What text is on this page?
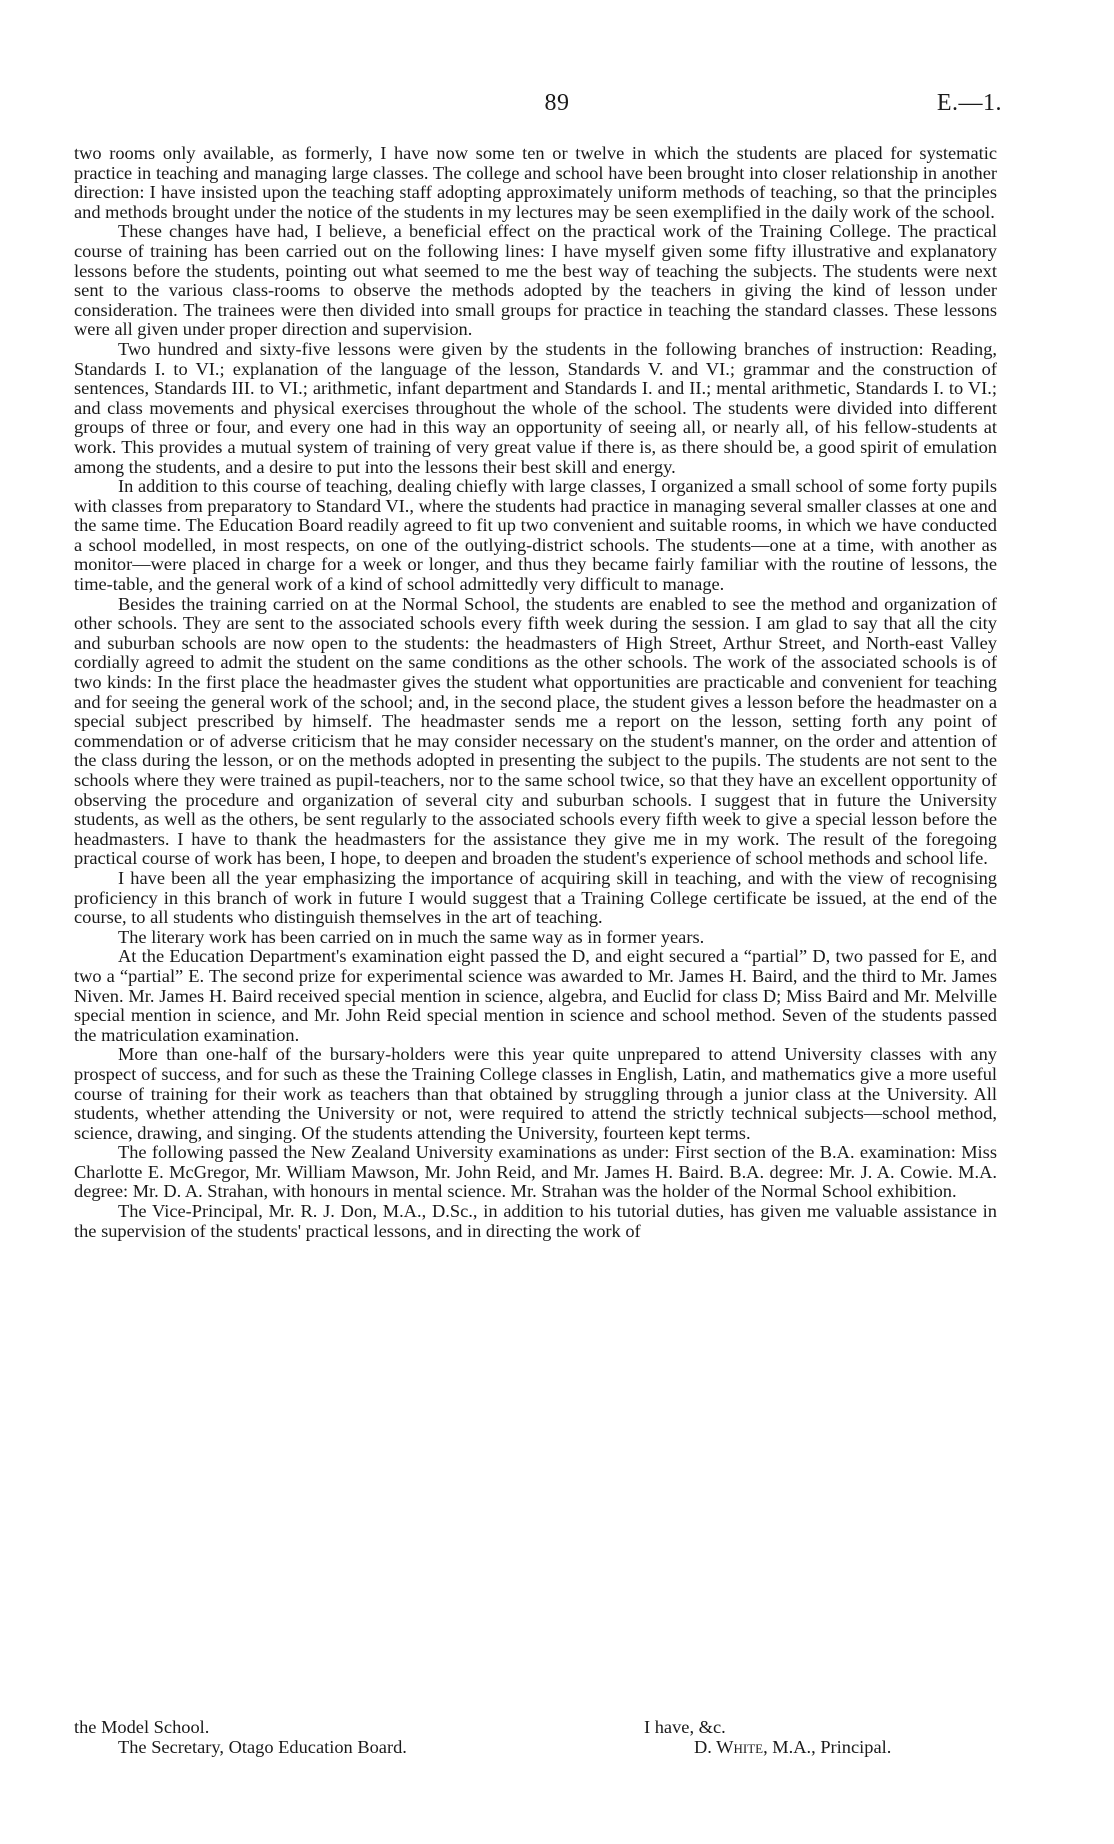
89	E.—1.

two rooms only available, as formerly, I have now some ten or twelve in which the students are placed for systematic practice in teaching and managing large classes. The college and school have been brought into closer relationship in another direction: I have insisted upon the teaching staff adopting approximately uniform methods of teaching, so that the principles and methods brought under the notice of the students in my lectures may be seen exemplified in the daily work of the school.

These changes have had, I believe, a beneficial effect on the practical work of the Training College. The practical course of training has been carried out on the following lines: I have myself given some fifty illustrative and explanatory lessons before the students, pointing out what seemed to me the best way of teaching the subjects. The students were next sent to the various class-rooms to observe the methods adopted by the teachers in giving the kind of lesson under consideration. The trainees were then divided into small groups for practice in teaching the standard classes. These lessons were all given under proper direction and supervision.

Two hundred and sixty-five lessons were given by the students in the following branches of instruction: Reading, Standards I. to VI.; explanation of the language of the lesson, Standards V. and VI.; grammar and the construction of sentences, Standards III. to VI.; arithmetic, infant department and Standards I. and II.; mental arithmetic, Standards I. to VI.; and class movements and physical exercises throughout the whole of the school. The students were divided into different groups of three or four, and every one had in this way an opportunity of seeing all, or nearly all, of his fellow-students at work. This provides a mutual system of training of very great value if there is, as there should be, a good spirit of emulation among the students, and a desire to put into the lessons their best skill and energy.

In addition to this course of teaching, dealing chiefly with large classes, I organized a small school of some forty pupils with classes from preparatory to Standard VI., where the students had practice in managing several smaller classes at one and the same time. The Education Board readily agreed to fit up two convenient and suitable rooms, in which we have conducted a school modelled, in most respects, on one of the outlying-district schools. The students—one at a time, with another as monitor—were placed in charge for a week or longer, and thus they became fairly familiar with the routine of lessons, the time-table, and the general work of a kind of school admittedly very difficult to manage.

Besides the training carried on at the Normal School, the students are enabled to see the method and organization of other schools. They are sent to the associated schools every fifth week during the session. I am glad to say that all the city and suburban schools are now open to the students: the headmasters of High Street, Arthur Street, and North-east Valley cordially agreed to admit the student on the same conditions as the other schools. The work of the associated schools is of two kinds: In the first place the headmaster gives the student what opportunities are practicable and convenient for teaching and for seeing the general work of the school; and, in the second place, the student gives a lesson before the headmaster on a special subject prescribed by himself. The headmaster sends me a report on the lesson, setting forth any point of commendation or of adverse criticism that he may consider necessary on the student's manner, on the order and attention of the class during the lesson, or on the methods adopted in presenting the subject to the pupils. The students are not sent to the schools where they were trained as pupil-teachers, nor to the same school twice, so that they have an excellent opportunity of observing the procedure and organization of several city and suburban schools. I suggest that in future the University students, as well as the others, be sent regularly to the associated schools every fifth week to give a special lesson before the headmasters. I have to thank the headmasters for the assistance they give me in my work. The result of the foregoing practical course of work has been, I hope, to deepen and broaden the student's experience of school methods and school life.

I have been all the year emphasizing the importance of acquiring skill in teaching, and with the view of recognising proficiency in this branch of work in future I would suggest that a Training College certificate be issued, at the end of the course, to all students who distinguish themselves in the art of teaching.

The literary work has been carried on in much the same way as in former years.

At the Education Department's examination eight passed the D, and eight secured a “partial” D, two passed for E, and two a “partial” E. The second prize for experimental science was awarded to Mr. James H. Baird, and the third to Mr. James Niven. Mr. James H. Baird received special mention in science, algebra, and Euclid for class D; Miss Baird and Mr. Melville special mention in science, and Mr. John Reid special mention in science and school method. Seven of the students passed the matriculation examination.

More than one-half of the bursary-holders were this year quite unprepared to attend University classes with any prospect of success, and for such as these the Training College classes in English, Latin, and mathematics give a more useful course of training for their work as teachers than that obtained by struggling through a junior class at the University. All students, whether attending the University or not, were required to attend the strictly technical subjects—school method, science, drawing, and singing. Of the students attending the University, fourteen kept terms.

The following passed the New Zealand University examinations as under: First section of the B.A. examination: Miss Charlotte E. McGregor, Mr. William Mawson, Mr. John Reid, and Mr. James H. Baird. B.A. degree: Mr. J. A. Cowie. M.A. degree: Mr. D. A. Strahan, with honours in mental science. Mr. Strahan was the holder of the Normal School exhibition.

The Vice-Principal, Mr. R. J. Don, M.A., D.Sc., in addition to his tutorial duties, has given me valuable assistance in the supervision of the students' practical lessons, and in directing the work of

the Model School.	I have, &c.
The Secretary, Otago Education Board.	D. White, M.A., Principal.
